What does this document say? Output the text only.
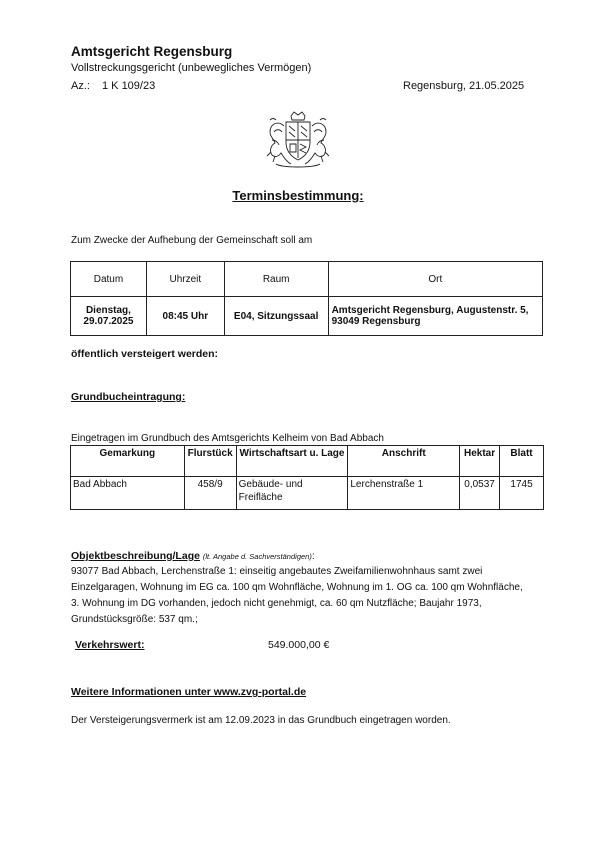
Amtsgericht Regensburg
Vollstreckungsgericht (unbewegliches Vermögen)
Az.: 1 K 109/23	Regensburg, 21.05.2025
Terminsbestimmung:
Zum Zwecke der Aufhebung der Gemeinschaft soll am
Datum	Uhrzeit	Raum	Ort
Dienstag, 29.07.2025	08:45 Uhr	E04, Sitzungssaal	Amtsgericht Regensburg, Augustenstr. 5, 93049 Regensburg
öffentlich versteigert werden:
Grundbucheintragung:
Eingetragen im Grundbuch des Amtsgerichts Kelheim von Bad Abbach
Gemarkung	Flurstück	Wirtschaftsart u. Lage	Anschrift	Hektar	Blatt
Bad Abbach	458/9	Gebäude- und Freifläche	Lerchenstraße 1	0,0537	1745
Objektbeschreibung/Lage (lt. Angabe d. Sachverständigen):
93077 Bad Abbach, Lerchenstraße 1: einseitig angebautes Zweifamilienwohnhaus samt zwei Einzelgaragen, Wohnung im EG ca. 100 qm Wohnfläche, Wohnung im 1. OG ca. 100 qm Wohnfläche, 3. Wohnung im DG vorhanden, jedoch nicht genehmigt, ca. 60 qm Nutzfläche; Baujahr 1973, Grundstücksgröße: 537 qm.;
Verkehrswert:	549.000,00 €
Weitere Informationen unter www.zvg-portal.de
Der Versteigerungsvermerk ist am 12.09.2023 in das Grundbuch eingetragen worden.
